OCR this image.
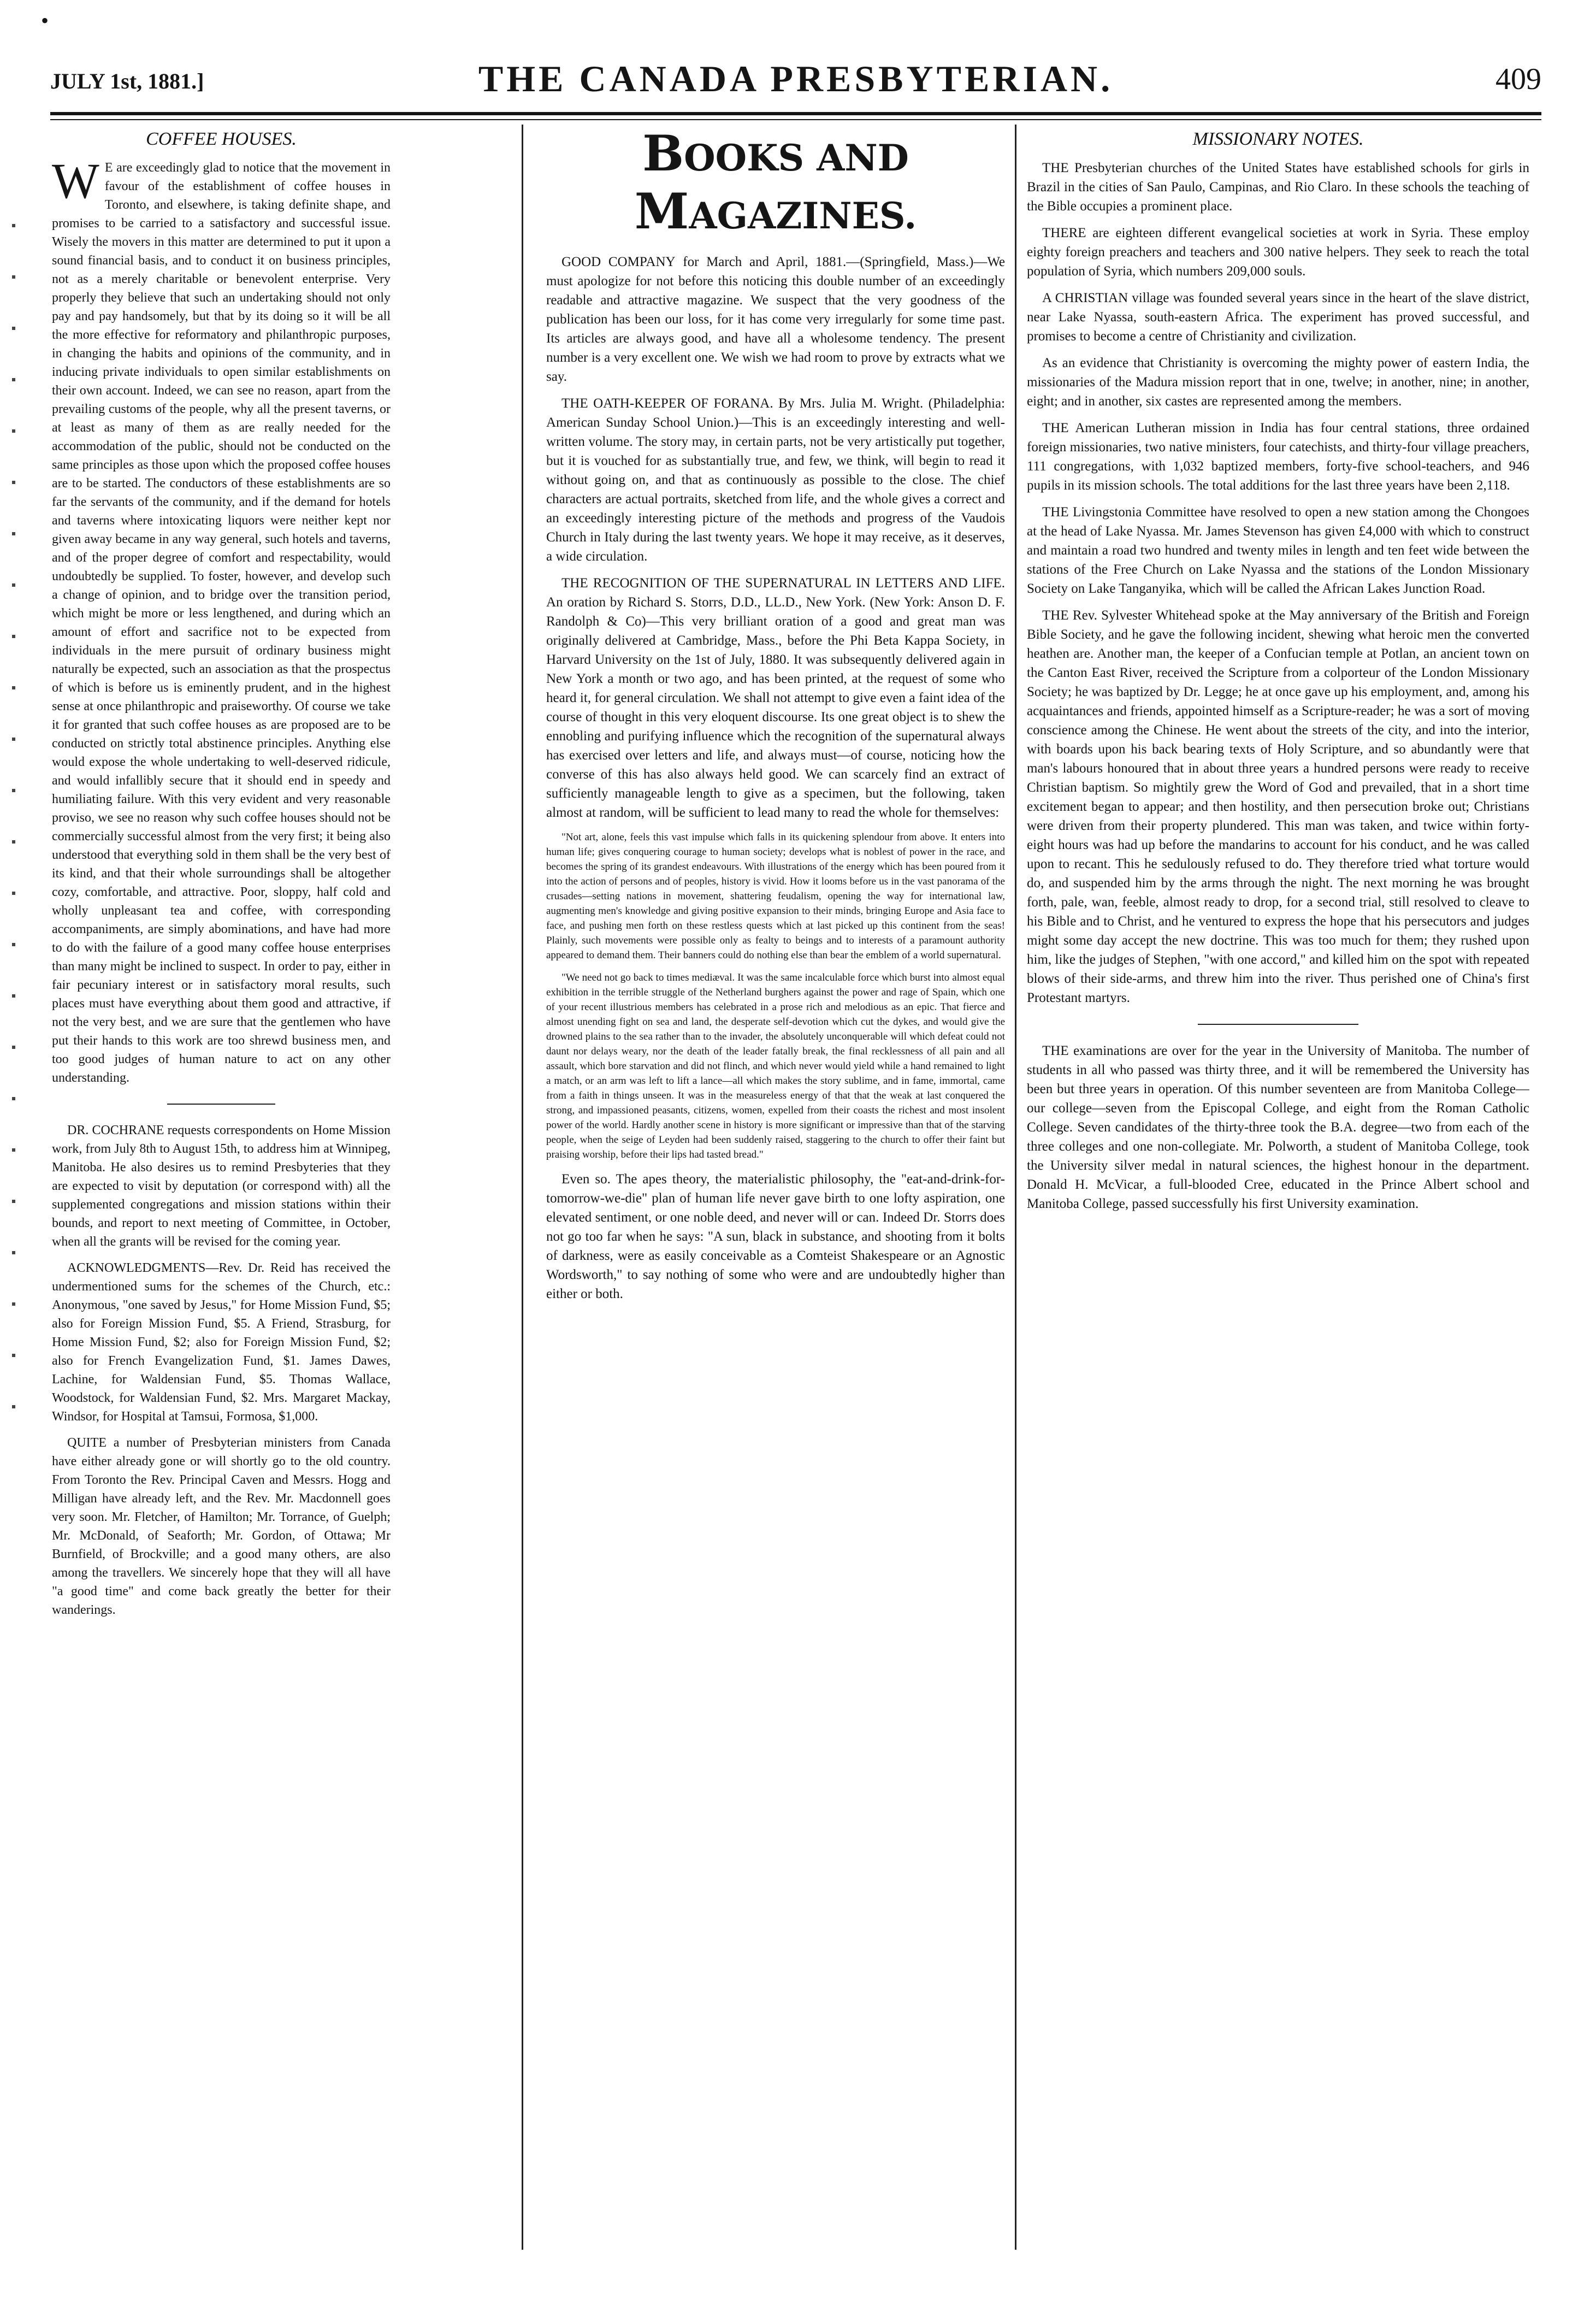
•
JULY 1st, 1881.]	THE CANADA PRESBYTERIAN.	409
COFFEE HOUSES.

W E are exceedingly glad to notice that the movement in favour of the establishment of coffee houses in Toronto, and elsewhere, is taking definite shape, and promises to be carried to a satisfactory and successful issue. Wisely the movers in this matter are determined to put it upon a sound financial basis, and to conduct it on business principles, not as a merely charitable or benevolent enterprise. Very properly they believe that such an undertaking should not only pay and pay handsomely, but that by its doing so it will be all the more effective for reformatory and philanthropic purposes, in changing the habits and opinions of the community, and in inducing private individuals to open similar establishments on their own account. Indeed, we can see no reason, apart from the prevailing customs of the people, why all the present taverns, or at least as many of them as are really needed for the accommodation of the public, should not be conducted on the same principles as those upon which the proposed coffee houses are to be started. The conductors of these establishments are so far the servants of the community, and if the demand for hotels and taverns where intoxicating liquors were neither kept nor given away became in any way general, such hotels and taverns, and of the proper degree of comfort and respectability, would undoubtedly be supplied. To foster, however, and develop such a change of opinion, and to bridge over the transition period, which might be more or less lengthened, and during which an amount of effort and sacrifice not to be expected from individuals in the mere pursuit of ordinary business might naturally be expected, such an association as that the prospectus of which is before us is eminently prudent, and in the highest sense at once philanthropic and praiseworthy. Of course we take it for granted that such coffee houses as are proposed are to be conducted on strictly total abstinence principles. Anything else would expose the whole undertaking to well-deserved ridicule, and would infallibly secure that it should end in speedy and humiliating failure. With this very evident and very reasonable proviso, we see no reason why such coffee houses should not be commercially successful almost from the very first; it being also understood that everything sold in them shall be the very best of its kind, and that their whole surroundings shall be altogether cozy, comfortable, and attractive. Poor, sloppy, half cold and wholly unpleasant tea and coffee, with corresponding accompaniments, are simply abominations, and have had more to do with the failure of a good many coffee house enterprises than many might be inclined to suspect. In order to pay, either in fair pecuniary interest or in satisfactory moral results, such places must have everything about them good and attractive, if not the very best, and we are sure that the gentlemen who have put their hands to this work are too shrewd business men, and too good judges of human nature to act on any other understanding.

DR. COCHRANE requests correspondents on Home Mission work, from July 8th to August 15th, to address him at Winnipeg, Manitoba. He also desires us to remind Presbyteries that they are expected to visit by deputation (or correspond with) all the supplemented congregations and mission stations within their bounds, and report to next meeting of Committee, in October, when all the grants will be revised for the coming year.

ACKNOWLEDGMENTS—Rev. Dr. Reid has received the undermentioned sums for the schemes of the Church, etc.: Anonymous, "one saved by Jesus," for Home Mission Fund, $5; also for Foreign Mission Fund, $5. A Friend, Strasburg, for Home Mission Fund, $2; also for Foreign Mission Fund, $2; also for French Evangelization Fund, $1. James Dawes, Lachine, for Waldensian Fund, $5. Thomas Wallace, Woodstock, for Waldensian Fund, $2. Mrs. Margaret Mackay, Windsor, for Hospital at Tamsui, Formosa, $1,000.

QUITE a number of Presbyterian ministers from Canada have either already gone or will shortly go to the old country. From Toronto the Rev. Principal Caven and Messrs. Hogg and Milligan have already left, and the Rev. Mr. Macdonnell goes very soon. Mr. Fletcher, of Hamilton; Mr. Torrance, of Guelph; Mr. McDonald, of Seaforth; Mr. Gordon, of Ottawa; Mr Burnfield, of Brockville; and a good many others, are also among the travellers. We sincerely hope that they will all have "a good time" and come back greatly the better for their wanderings.

BOOKS AND MAGAZINES.

GOOD COMPANY for March and April, 1881.—(Springfield, Mass.)—We must apologize for not before this noticing this double number of an exceedingly readable and attractive magazine. We suspect that the very goodness of the publication has been our loss, for it has come very irregularly for some time past. Its articles are always good, and have all a wholesome tendency. The present number is a very excellent one. We wish we had room to prove by extracts what we say.

THE OATH-KEEPER OF FORANA. By Mrs. Julia M. Wright. (Philadelphia: American Sunday School Union.)—This is an exceedingly interesting and well-written volume. The story may, in certain parts, not be very artistically put together, but it is vouched for as substantially true, and few, we think, will begin to read it without going on, and that as continuously as possible to the close. The chief characters are actual portraits, sketched from life, and the whole gives a correct and an exceedingly interesting picture of the methods and progress of the Vaudois Church in Italy during the last twenty years. We hope it may receive, as it deserves, a wide circulation.

THE RECOGNITION OF THE SUPERNATURAL IN LETTERS AND LIFE. An oration by Richard S. Storrs, D.D., LL.D., New York. (New York: Anson D. F. Randolph & Co)—This very brilliant oration of a good and great man was originally delivered at Cambridge, Mass., before the Phi Beta Kappa Society, in Harvard University on the 1st of July, 1880. It was subsequently delivered again in New York a month or two ago, and has been printed, at the request of some who heard it, for general circulation. We shall not attempt to give even a faint idea of the course of thought in this very eloquent discourse. Its one great object is to shew the ennobling and purifying influence which the recognition of the supernatural always has exercised over letters and life, and always must—of course, noticing how the converse of this has also always held good. We can scarcely find an extract of sufficiently manageable length to give as a specimen, but the following, taken almost at random, will be sufficient to lead many to read the whole for themselves:

"Not art, alone, feels this vast impulse which falls in its quickening splendour from above. It enters into human life; gives conquering courage to human society; develops what is noblest of power in the race, and becomes the spring of its grandest endeavours. With illustrations of the energy which has been poured from it into the action of persons and of peoples, history is vivid. How it looms before us in the vast panorama of the crusades—setting nations in movement, shattering feudalism, opening the way for international law, augmenting men's knowledge and giving positive expansion to their minds, bringing Europe and Asia face to face, and pushing men forth on these restless quests which at last picked up this continent from the seas! Plainly, such movements were possible only as fealty to beings and to interests of a paramount authority appeared to demand them. Their banners could do nothing else than bear the emblem of a world supernatural.

"We need not go back to times mediæval. It was the same incalculable force which burst into almost equal exhibition in the terrible struggle of the Netherland burghers against the power and rage of Spain, which one of your recent illustrious members has celebrated in a prose rich and melodious as an epic. That fierce and almost unending fight on sea and land, the desperate self-devotion which cut the dykes, and would give the drowned plains to the sea rather than to the invader, the absolutely unconquerable will which defeat could not daunt nor delays weary, nor the death of the leader fatally break, the final recklessness of all pain and all assault, which bore starvation and did not flinch, and which never would yield while a hand remained to light a match, or an arm was left to lift a lance—all which makes the story sublime, and in fame, immortal, came from a faith in things unseen. It was in the measureless energy of that that the weak at last conquered the strong, and impassioned peasants, citizens, women, expelled from their coasts the richest and most insolent power of the world. Hardly another scene in history is more significant or impressive than that of the starving people, when the seige of Leyden had been suddenly raised, staggering to the church to offer their faint but praising worship, before their lips had tasted bread."

Even so. The apes theory, the materialistic philosophy, the "eat-and-drink-for-tomorrow-we-die" plan of human life never gave birth to one lofty aspiration, one elevated sentiment, or one noble deed, and never will or can. Indeed Dr. Storrs does not go too far when he says: "A sun, black in substance, and shooting from it bolts of darkness, were as easily conceivable as a Comteist Shakespeare or an Agnostic Wordsworth," to say nothing of some who were and are undoubtedly higher than either or both.

MISSIONARY NOTES.

THE Presbyterian churches of the United States have established schools for girls in Brazil in the cities of San Paulo, Campinas, and Rio Claro. In these schools the teaching of the Bible occupies a prominent place.

THERE are eighteen different evangelical societies at work in Syria. These employ eighty foreign preachers and teachers and 300 native helpers. They seek to reach the total population of Syria, which numbers 209,000 souls.

A CHRISTIAN village was founded several years since in the heart of the slave district, near Lake Nyassa, south-eastern Africa. The experiment has proved successful, and promises to become a centre of Christianity and civilization.

As an evidence that Christianity is overcoming the mighty power of eastern India, the missionaries of the Madura mission report that in one, twelve; in another, nine; in another, eight; and in another, six castes are represented among the members.

THE American Lutheran mission in India has four central stations, three ordained foreign missionaries, two native ministers, four catechists, and thirty-four village preachers, 111 congregations, with 1,032 baptized members, forty-five school-teachers, and 946 pupils in its mission schools. The total additions for the last three years have been 2,118.

THE Livingstonia Committee have resolved to open a new station among the Chongoes at the head of Lake Nyassa. Mr. James Stevenson has given £4,000 with which to construct and maintain a road two hundred and twenty miles in length and ten feet wide between the stations of the Free Church on Lake Nyassa and the stations of the London Missionary Society on Lake Tanganyika, which will be called the African Lakes Junction Road.

THE Rev. Sylvester Whitehead spoke at the May anniversary of the British and Foreign Bible Society, and he gave the following incident, shewing what heroic men the converted heathen are. Another man, the keeper of a Confucian temple at Potlan, an ancient town on the Canton East River, received the Scripture from a colporteur of the London Missionary Society; he was baptized by Dr. Legge; he at once gave up his employment, and, among his acquaintances and friends, appointed himself as a Scripture-reader; he was a sort of moving conscience among the Chinese. He went about the streets of the city, and into the interior, with boards upon his back bearing texts of Holy Scripture, and so abundantly were that man's labours honoured that in about three years a hundred persons were ready to receive Christian baptism. So mightily grew the Word of God and prevailed, that in a short time excitement began to appear; and then hostility, and then persecution broke out; Christians were driven from their property plundered. This man was taken, and twice within forty-eight hours was had up before the mandarins to account for his conduct, and he was called upon to recant. This he sedulously refused to do. They therefore tried what torture would do, and suspended him by the arms through the night. The next morning he was brought forth, pale, wan, feeble, almost ready to drop, for a second trial, still resolved to cleave to his Bible and to Christ, and he ventured to express the hope that his persecutors and judges might some day accept the new doctrine. This was too much for them; they rushed upon him, like the judges of Stephen, "with one accord," and killed him on the spot with repeated blows of their side-arms, and threw him into the river. Thus perished one of China's first Protestant martyrs.

THE examinations are over for the year in the University of Manitoba. The number of students in all who passed was thirty three, and it will be remembered the University has been but three years in operation. Of this number seventeen are from Manitoba College—our college—seven from the Episcopal College, and eight from the Roman Catholic College. Seven candidates of the thirty-three took the B.A. degree—two from each of the three colleges and one non-collegiate. Mr. Polworth, a student of Manitoba College, took the University silver medal in natural sciences, the highest honour in the department. Donald H. McVicar, a full-blooded Cree, educated in the Prince Albert school and Manitoba College, passed successfully his first University examination.
